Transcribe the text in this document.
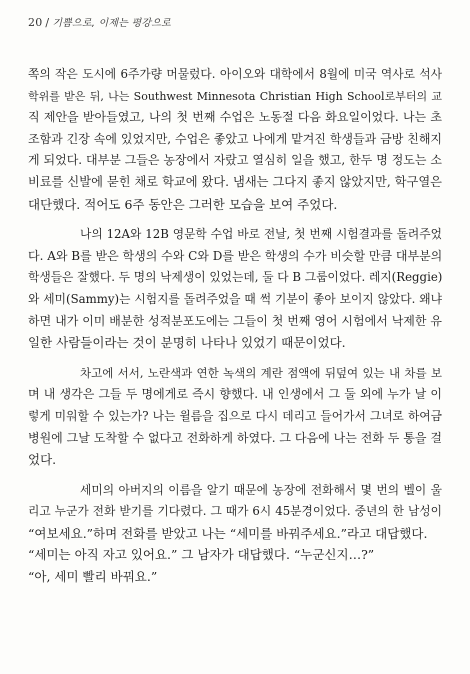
20 / 기쁨으로, 이제는 평강으로
쪽의 작은 도시에 6주가량 머물렀다. 아이오와 대학에서 8월에 미국 역사로 석사
학위를 받은 뒤, 나는 Southwest Minnesota Christian High School로부터의 교
직 제안을 받아들였고, 나의 첫 번째 수업은 노동절 다음 화요일이었다. 나는 초
조함과 긴장 속에 있었지만, 수업은 좋았고 나에게 맡겨진 학생들과 금방 친해지
게 되었다. 대부분 그들은 농장에서 자랐고 열심히 일을 했고, 한두 명 정도는 소
비료를 신발에 묻힌 채로 학교에 왔다. 냄새는 그다지 좋지 않았지만, 학구열은
대단했다. 적어도 6주 동안은 그러한 모습을 보여 주었다.
나의 12A와 12B 영문학 수업 바로 전날, 첫 번째 시험결과를 돌려주었
다. A와 B를 받은 학생의 수와 C와 D를 받은 학생의 수가 비슷할 만큼 대부분의
학생들은 잘했다. 두 명의 낙제생이 있었는데, 둘 다 B 그룹이었다. 레지(Reggie)
와 세미(Sammy)는 시험지를 돌려주었을 때 썩 기분이 좋아 보이지 않았다. 왜냐
하면 내가 이미 배분한 성적분포도에는 그들이 첫 번째 영어 시험에서 낙제한 유
일한 사람들이라는 것이 분명히 나타나 있었기 때문이었다.
차고에 서서, 노란색과 연한 녹색의 계란 점액에 뒤덮여 있는 내 차를 보
며 내 생각은 그들 두 명에게로 즉시 향했다. 내 인생에서 그 둘 외에 누가 날 이
렇게 미워할 수 있는가? 나는 윌름을 집으로 다시 데리고 들어가서 그녀로 하여금
병원에 그날 도착할 수 없다고 전화하게 하였다. 그 다음에 나는 전화 두 통을 걸
었다.
세미의 아버지의 이름을 알기 때문에 농장에 전화해서 몇 번의 벨이 울
리고 누군가 전화 받기를 기다렸다. 그 때가 6시 45분경이었다. 중년의 한 남성이
“여보세요.”하며 전화를 받았고 나는 “세미를 바꿔주세요.”라고 대답했다.
“세미는 아직 자고 있어요.” 그 남자가 대답했다. “누군신지…?”
“아, 세미 빨리 바꿔요.”
